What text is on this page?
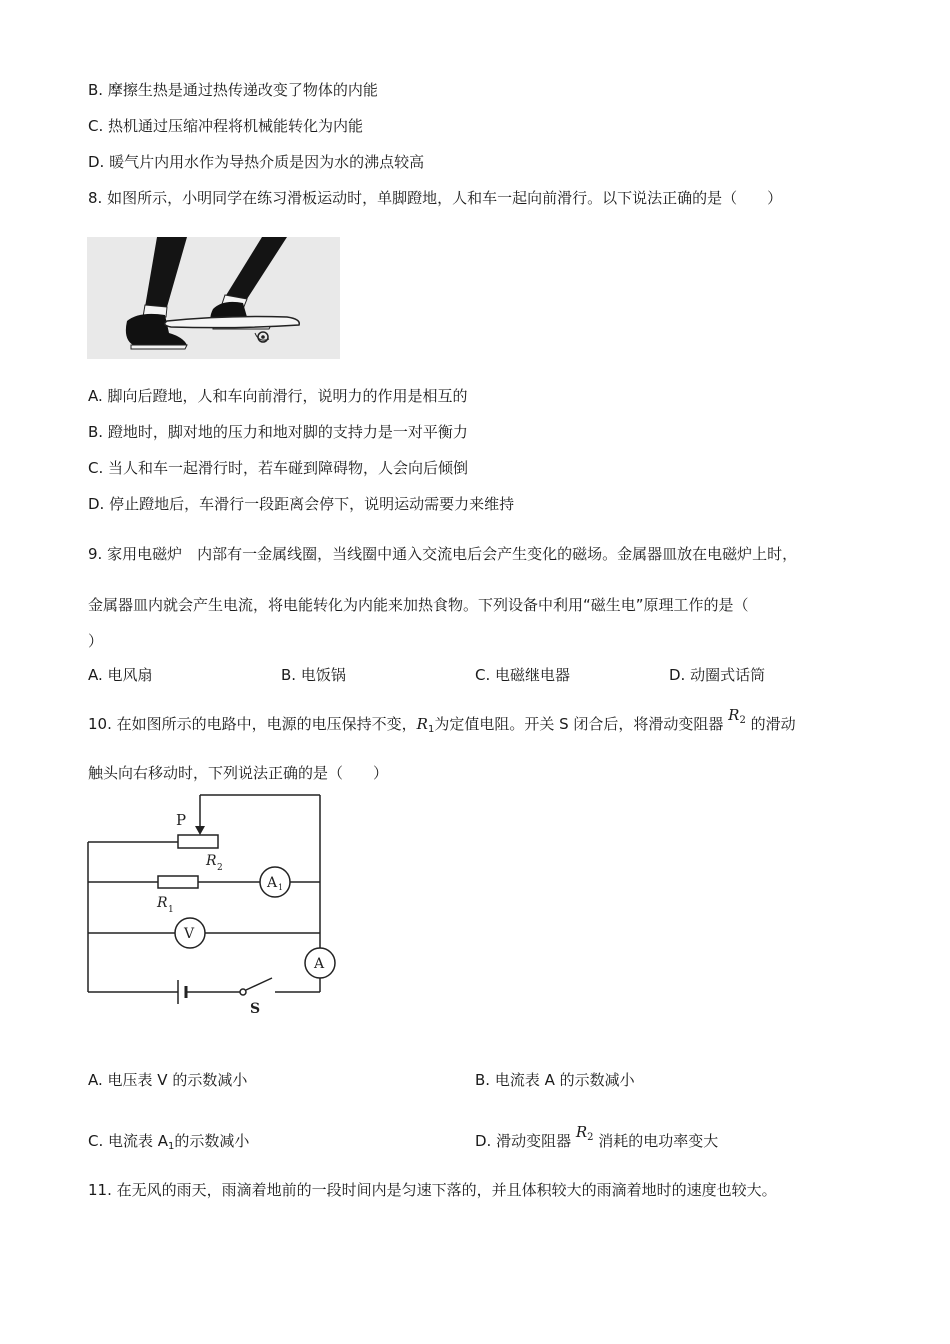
B. 摩擦生热是通过热传递改变了物体的内能
C. 热机通过压缩冲程将机械能转化为内能
D. 暖气片内用水作为导热介质是因为水的沸点较高
8. 如图所示，小明同学在练习滑板运动时，单脚蹬地，人和车一起向前滑行。以下说法正确的是（　　）
A. 脚向后蹬地，人和车向前滑行，说明力的作用是相互的
B. 蹬地时，脚对地的压力和地对脚的支持力是一对平衡力
C. 当人和车一起滑行时，若车碰到障碍物，人会向后倾倒
D. 停止蹬地后，车滑行一段距离会停下，说明运动需要力来维持
9. 家用电磁炉　内部有一金属线圈，当线圈中通入交流电后会产生变化的磁场。金属器皿放在电磁炉上时，
金属器皿内就会产生电流，将电能转化为内能来加热食物。下列设备中利用“磁生电”原理工作的是（
）
A. 电风扇	B. 电饭锅	C. 电磁继电器	D. 动圈式话筒
10. 在如图所示的电路中，电源的电压保持不变，$R_1$为定值电阻。开关 S 闭合后，将滑动变阻器 $R_2$ 的滑动
触头向右移动时，下列说法正确的是（　　）
P
R 2
R 1
A 1
V
A
S
A. 电压表 V 的示数减小	B. 电流表 A 的示数减小
C. 电流表 $A_1$的示数减小	D. 滑动变阻器 $R_2$ 消耗的电功率变大
11. 在无风的雨天，雨滴着地前的一段时间内是匀速下落的，并且体积较大的雨滴着地时的速度也较大。
